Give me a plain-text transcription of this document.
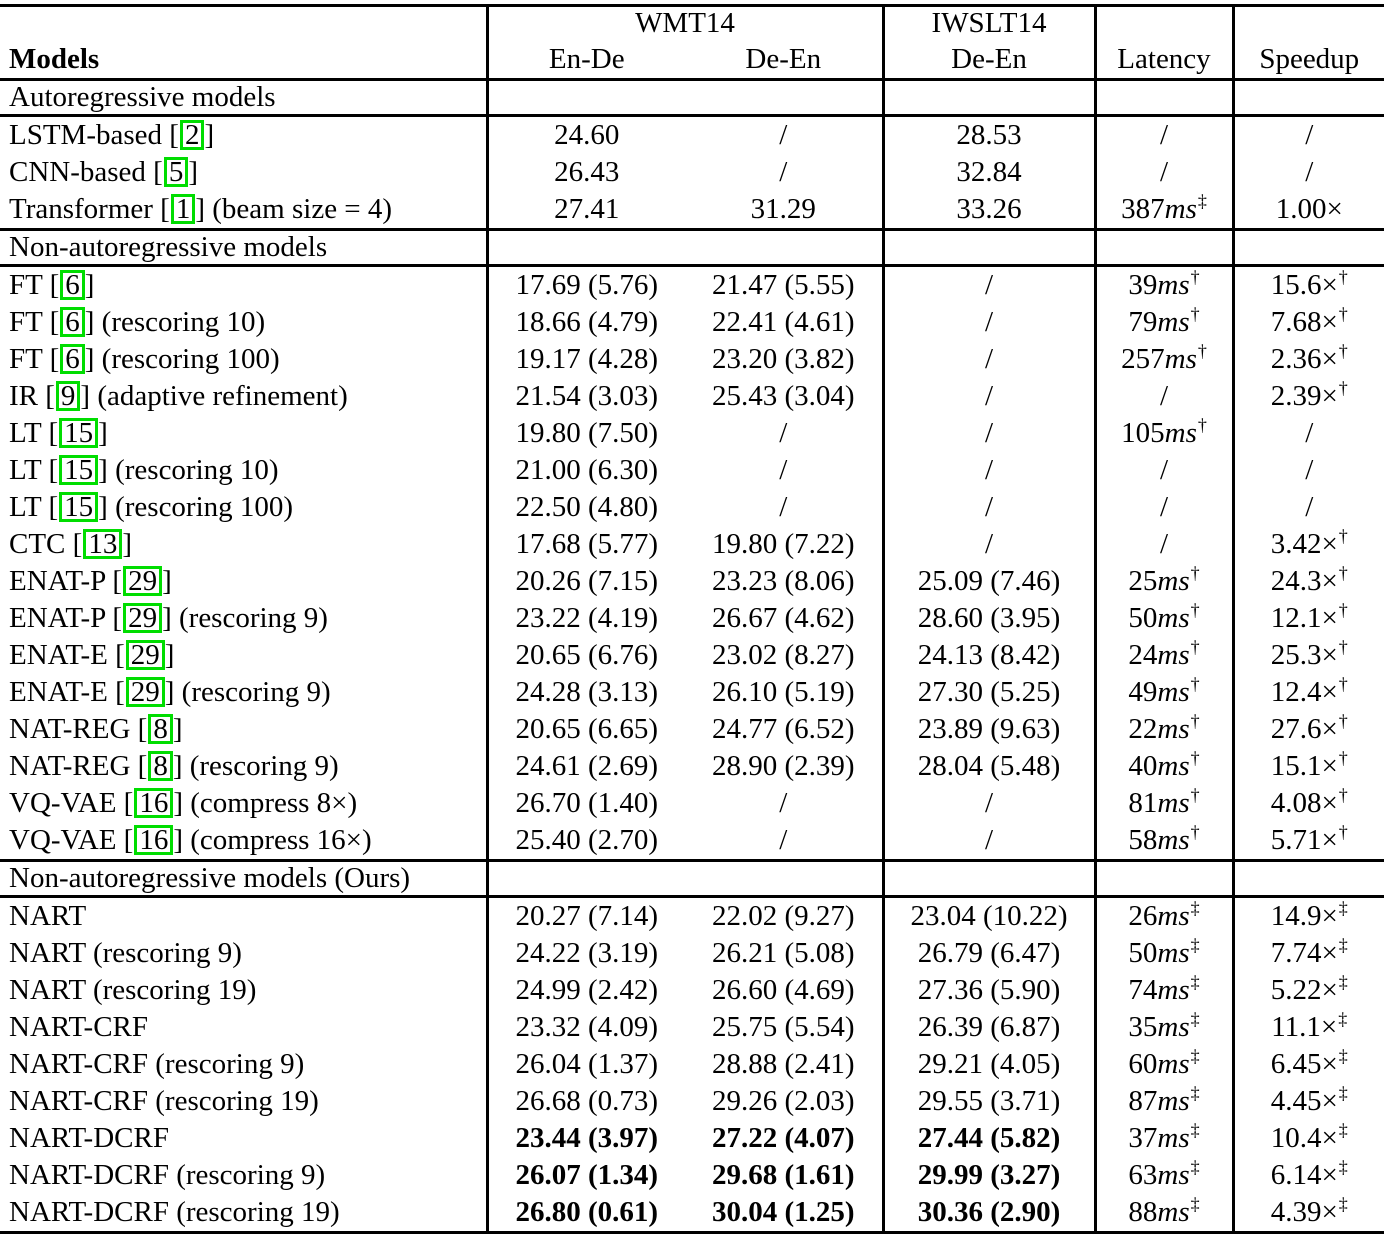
	WMT14		IWSLT14		
Models	En-De	De-En	De-En	Latency	Speedup
Autoregressive models					
LSTM-based [ 2 ]	24.60	/	28.53	/	/
CNN-based [ 5 ]	26.43	/	32.84	/	/
Transformer [ 1 ] (beam size = 4)	27.41	31.29	33.26	387ms‡	1.00×
Non-autoregressive models					
FT [ 6 ]	17.69 (5.76)	21.47 (5.55)	/	39ms†	15.6×†
FT [ 6 ] (rescoring 10)	18.66 (4.79)	22.41 (4.61)	/	79ms†	7.68×†
FT [ 6 ] (rescoring 100)	19.17 (4.28)	23.20 (3.82)	/	257ms†	2.36×†
IR [ 9 ] (adaptive refinement)	21.54 (3.03)	25.43 (3.04)	/	/	2.39×†
LT [ 15 ]	19.80 (7.50)	/	/	105ms†	/
LT [ 15 ] (rescoring 10)	21.00 (6.30)	/	/	/	/
LT [ 15 ] (rescoring 100)	22.50 (4.80)	/	/	/	/
CTC [ 13 ]	17.68 (5.77)	19.80 (7.22)	/	/	3.42×†
ENAT-P [ 29 ]	20.26 (7.15)	23.23 (8.06)	25.09 (7.46)	25ms†	24.3×†
ENAT-P [ 29 ] (rescoring 9)	23.22 (4.19)	26.67 (4.62)	28.60 (3.95)	50ms†	12.1×†
ENAT-E [ 29 ]	20.65 (6.76)	23.02 (8.27)	24.13 (8.42)	24ms†	25.3×†
ENAT-E [ 29 ] (rescoring 9)	24.28 (3.13)	26.10 (5.19)	27.30 (5.25)	49ms†	12.4×†
NAT-REG [ 8 ]	20.65 (6.65)	24.77 (6.52)	23.89 (9.63)	22ms†	27.6×†
NAT-REG [ 8 ] (rescoring 9)	24.61 (2.69)	28.90 (2.39)	28.04 (5.48)	40ms†	15.1×†
VQ-VAE [ 16 ] (compress 8×)	26.70 (1.40)	/	/	81ms†	4.08×†
VQ-VAE [ 16 ] (compress 16×)	25.40 (2.70)	/	/	58ms†	5.71×†
Non-autoregressive models (Ours)					
NART	20.27 (7.14)	22.02 (9.27)	23.04 (10.22)	26ms‡	14.9×‡
NART (rescoring 9)	24.22 (3.19)	26.21 (5.08)	26.79 (6.47)	50ms‡	7.74×‡
NART (rescoring 19)	24.99 (2.42)	26.60 (4.69)	27.36 (5.90)	74ms‡	5.22×‡
NART-CRF	23.32 (4.09)	25.75 (5.54)	26.39 (6.87)	35ms‡	11.1×‡
NART-CRF (rescoring 9)	26.04 (1.37)	28.88 (2.41)	29.21 (4.05)	60ms‡	6.45×‡
NART-CRF (rescoring 19)	26.68 (0.73)	29.26 (2.03)	29.55 (3.71)	87ms‡	4.45×‡
NART-DCRF	23.44 (3.97)	27.22 (4.07)	27.44 (5.82)	37ms‡	10.4×‡
NART-DCRF (rescoring 9)	26.07 (1.34)	29.68 (1.61)	29.99 (3.27)	63ms‡	6.14×‡
NART-DCRF (rescoring 19)	26.80 (0.61)	30.04 (1.25)	30.36 (2.90)	88ms‡	4.39×‡
